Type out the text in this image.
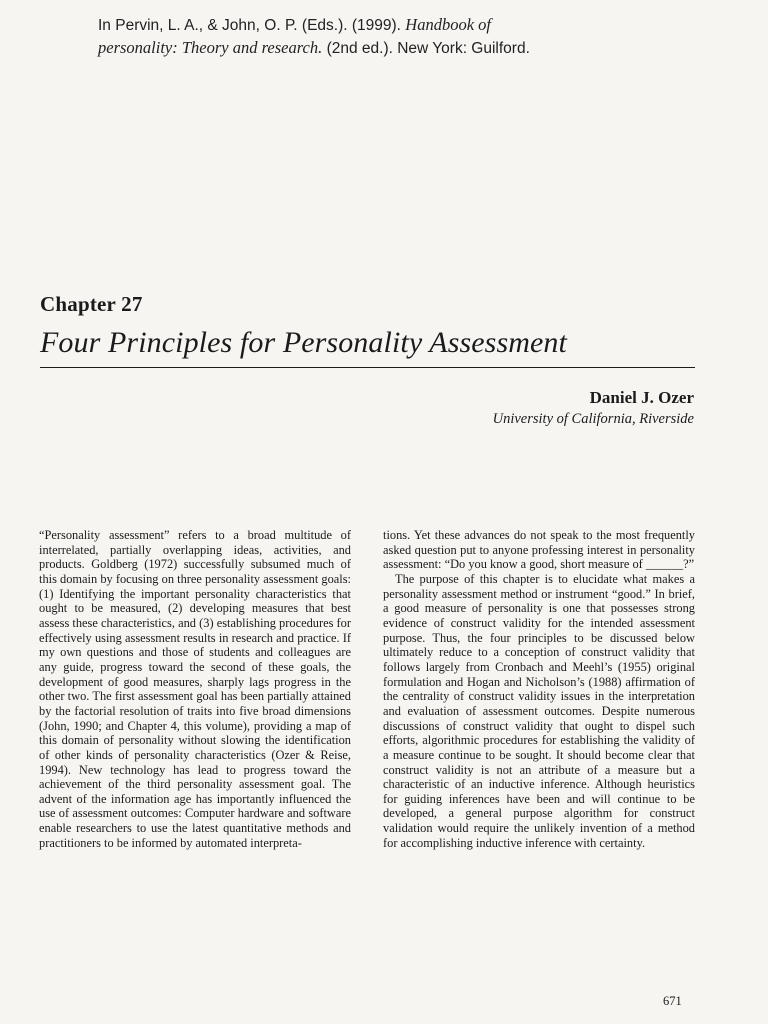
In Pervin, L. A., & John, O. P. (Eds.). (1999). Handbook of
personality: Theory and research. (2nd ed.). New York: Guilford.
Chapter 27
Four Principles for Personality Assessment
Daniel J. Ozer
University of California, Riverside

“Personality assessment” refers to a broad multitude of interrelated, partially overlapping ideas, activities, and products. Goldberg (1972) successfully subsumed much of this domain by focusing on three personality assessment goals: (1) Identifying the important personality characteristics that ought to be measured, (2) developing measures that best assess these characteristics, and (3) establishing procedures for effectively using assessment results in research and practice. If my own questions and those of students and colleagues are any guide, progress toward the second of these goals, the development of good measures, sharply lags progress in the other two. The first assessment goal has been partially attained by the factorial resolution of traits into five broad dimensions (John, 1990; and Chapter 4, this volume), providing a map of this domain of personality without slowing the identification of other kinds of personality characteristics (Ozer & Reise, 1994). New technology has lead to progress toward the achievement of the third personality assessment goal. The advent of the information age has importantly influenced the use of assessment outcomes: Computer hardware and software enable researchers to use the latest quantitative methods and practitioners to be informed by automated interpreta-

tions. Yet these advances do not speak to the most frequently asked question put to anyone professing interest in personality assessment: “Do you know a good, short measure of ______?”

The purpose of this chapter is to elucidate what makes a personality assessment method or instrument “good.” In brief, a good measure of personality is one that possesses strong evidence of construct validity for the intended assessment purpose. Thus, the four principles to be discussed below ultimately reduce to a conception of construct validity that follows largely from Cronbach and Meehl’s (1955) original formulation and Hogan and Nicholson’s (1988) affirmation of the centrality of construct validity issues in the interpretation and evaluation of assessment outcomes. Despite numerous discussions of construct validity that ought to dispel such efforts, algorithmic procedures for establishing the validity of a measure continue to be sought. It should become clear that construct validity is not an attribute of a measure but a characteristic of an inductive inference. Although heuristics for guiding inferences have been and will continue to be developed, a general purpose algorithm for construct validation would require the unlikely invention of a method for accomplishing inductive inference with certainty.

671
